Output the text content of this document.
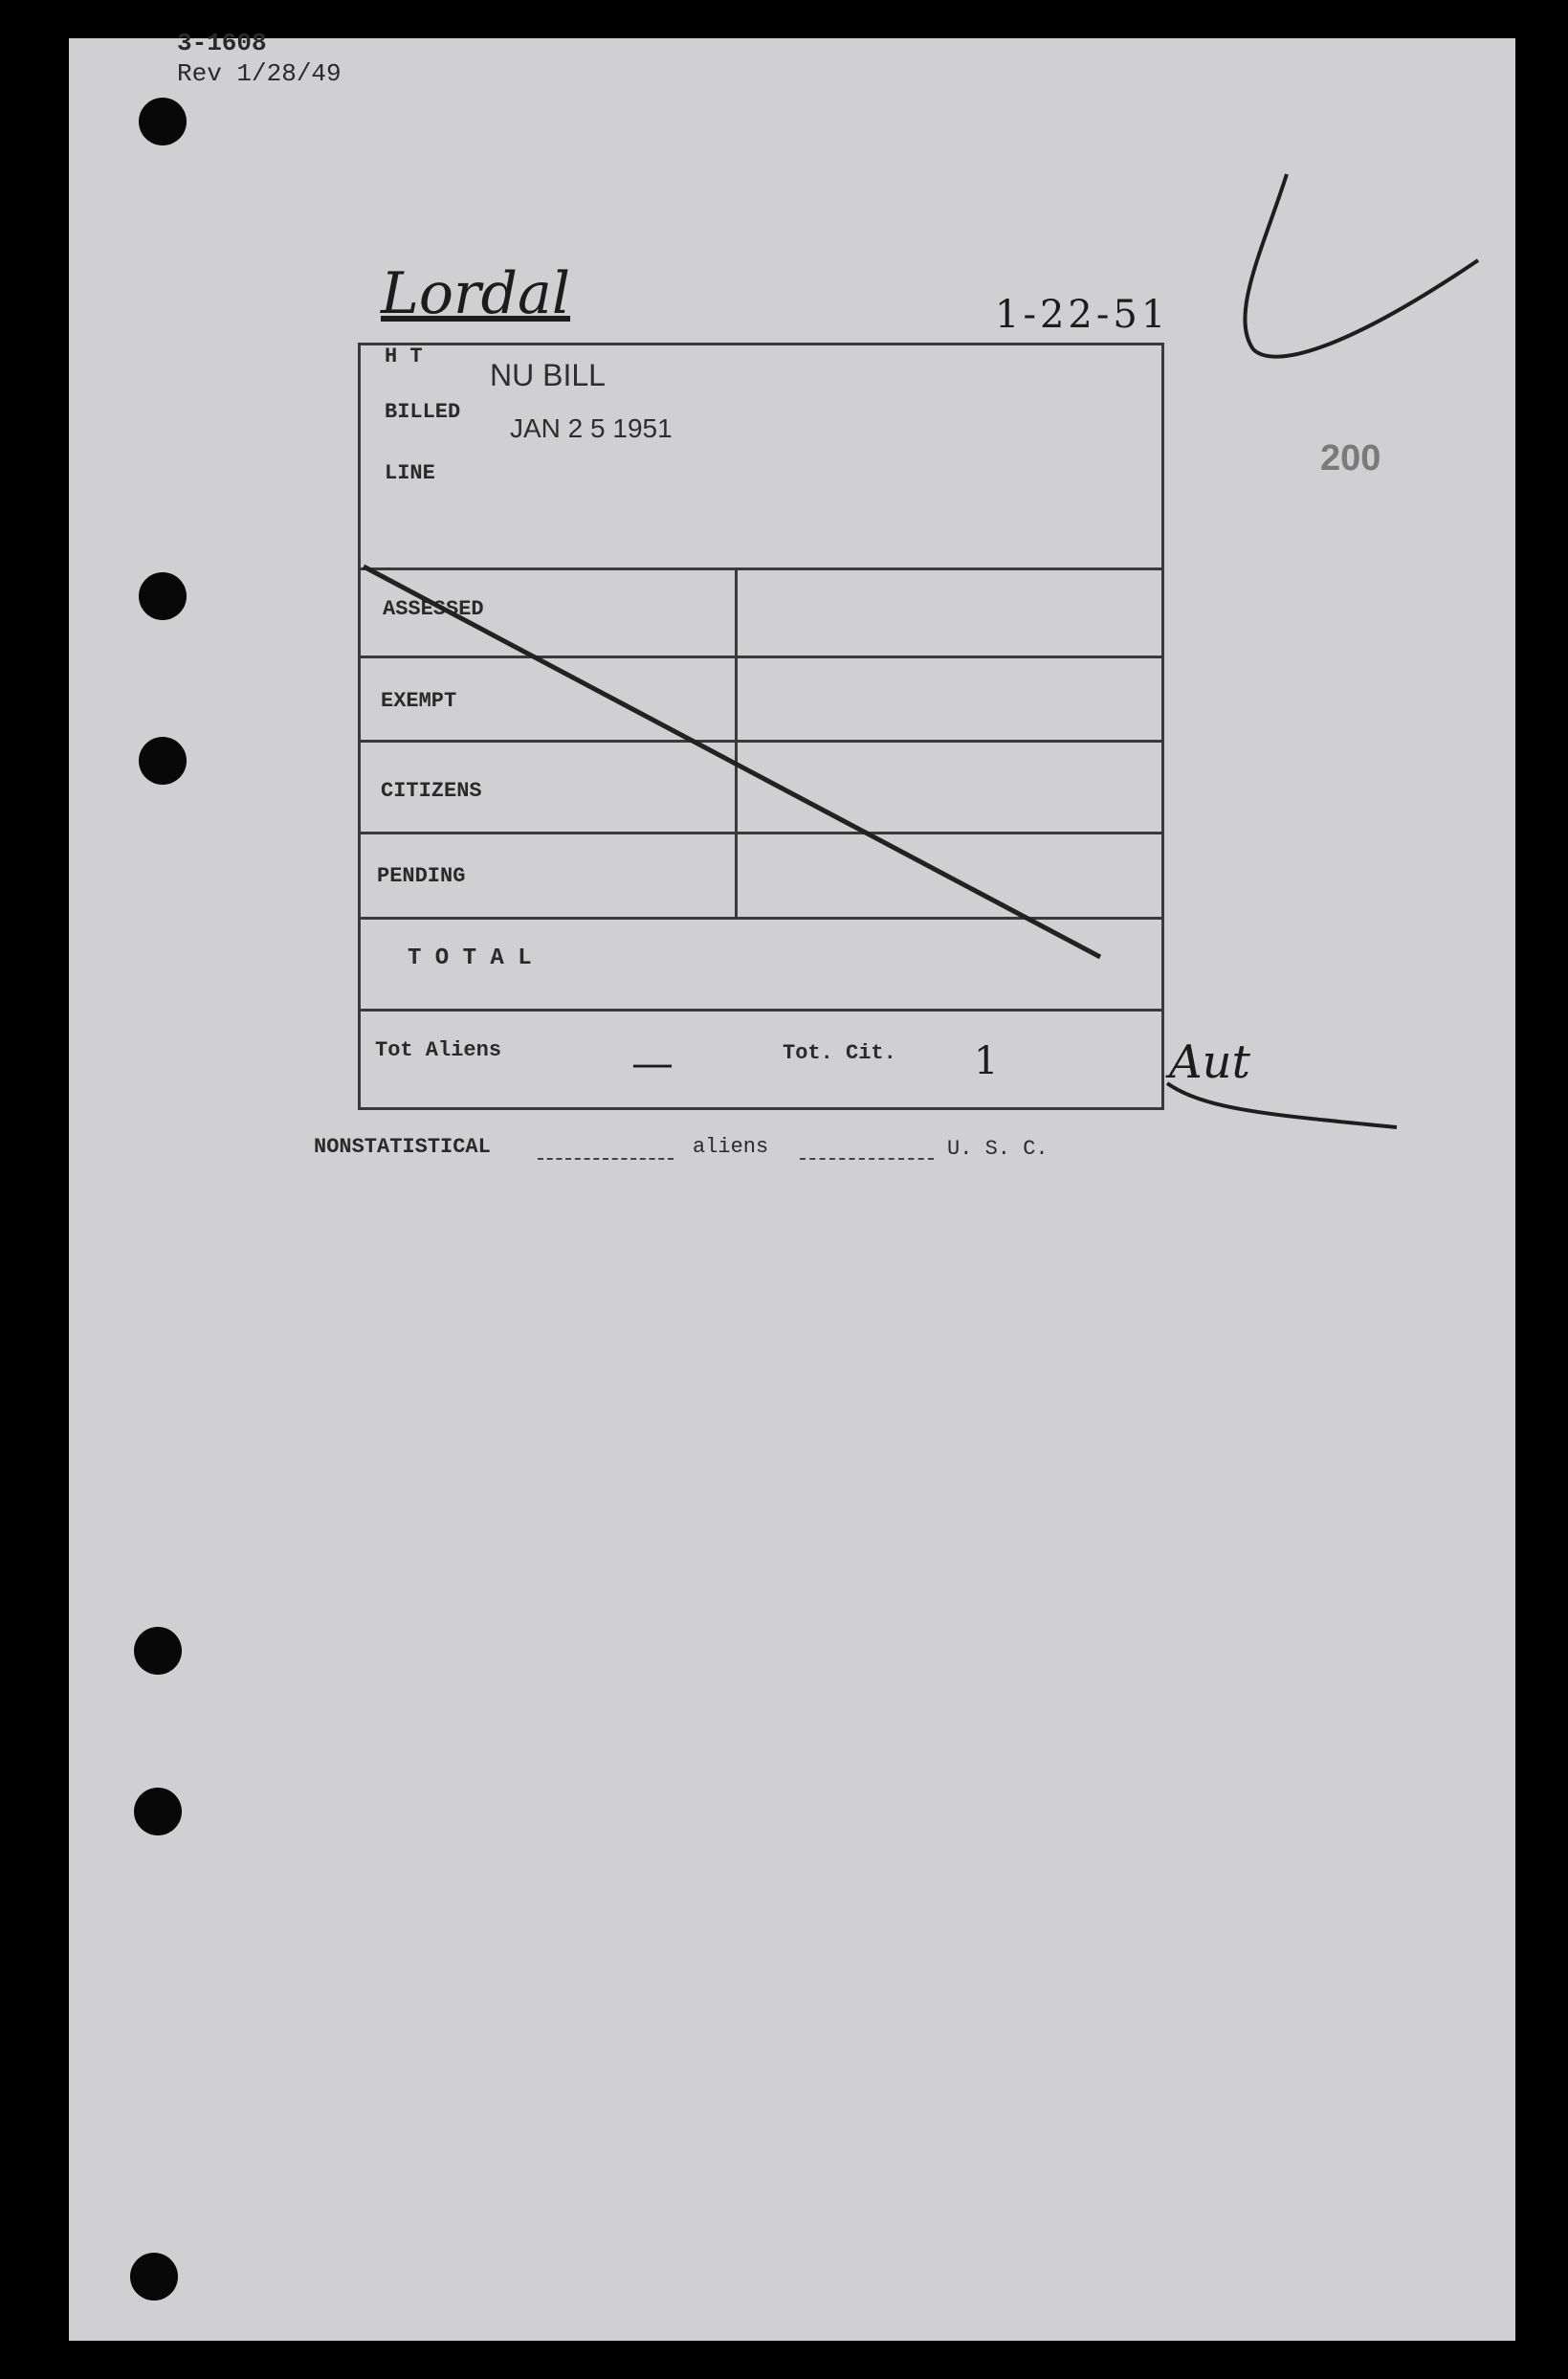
3-1608
Rev 1/28/49
Lordal	1-22-51
200
H T
NU BILL
BILLED
JAN 2 5 1951
LINE
ASSESSED
EXEMPT
CITIZENS
PENDING
T O T A L
Tot Aliens	—	Tot. Cit. 1	Aut
NONSTATISTICAL	aliens	U. S. C.
